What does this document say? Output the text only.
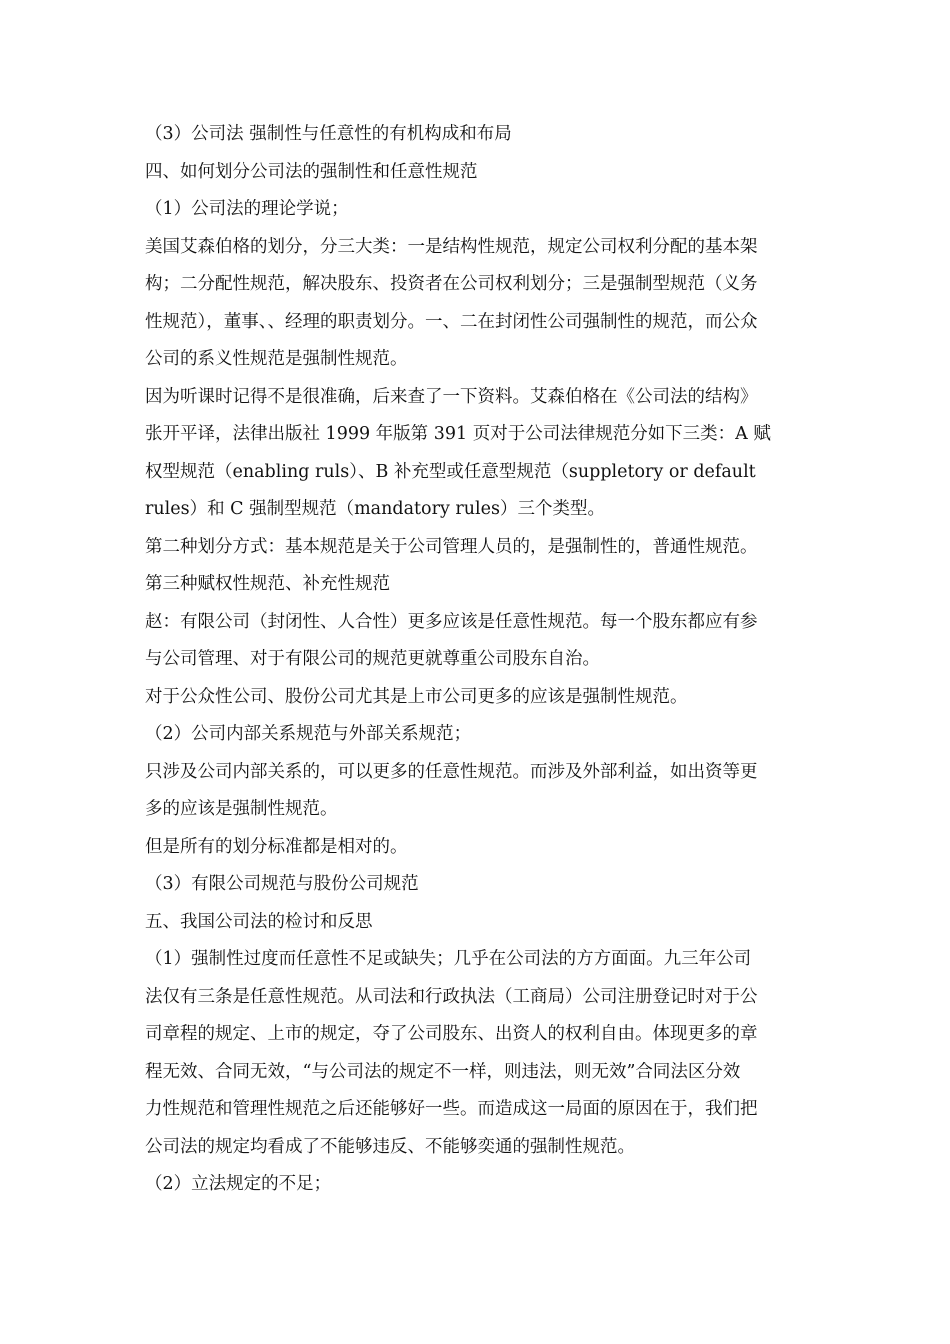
（3）公司法 强制性与任意性的有机构成和布局

四、如何划分公司法的强制性和任意性规范

（1）公司法的理论学说；

美国艾森伯格的划分，分三大类：一是结构性规范，规定公司权利分配的基本架

构；二分配性规范，解决股东、投资者在公司权利划分；三是强制型规范（义务

性规范），董事、、经理的职责划分。一、二在封闭性公司强制性的规范，而公众

公司的系义性规范是强制性规范。

因为听课时记得不是很准确，后来查了一下资料。艾森伯格在《公司法的结构》

张开平译，法律出版社 1999 年版第 391 页对于公司法律规范分如下三类：A 赋

权型规范（enabling ruls）、B 补充型或任意型规范（suppletory or default

rules）和 C 强制型规范（mandatory rules）三个类型。

第二种划分方式：基本规范是关于公司管理人员的，是强制性的，普通性规范。

第三种赋权性规范、补充性规范

赵：有限公司（封闭性、人合性）更多应该是任意性规范。每一个股东都应有参

与公司管理、对于有限公司的规范更就尊重公司股东自治。

对于公众性公司、股份公司尤其是上市公司更多的应该是强制性规范。

（2）公司内部关系规范与外部关系规范；

只涉及公司内部关系的，可以更多的任意性规范。而涉及外部利益，如出资等更

多的应该是强制性规范。

但是所有的划分标准都是相对的。

（3）有限公司规范与股份公司规范

五、我国公司法的检讨和反思

（1）强制性过度而任意性不足或缺失；几乎在公司法的方方面面。九三年公司

法仅有三条是任意性规范。从司法和行政执法（工商局）公司注册登记时对于公

司章程的规定、上市的规定，夺了公司股东、出资人的权利自由。体现更多的章

程无效、合同无效，“与公司法的规定不一样，则违法，则无效”合同法区分效

力性规范和管理性规范之后还能够好一些。而造成这一局面的原因在于，我们把

公司法的规定均看成了不能够违反、不能够奕通的强制性规范。

（2）立法规定的不足；
